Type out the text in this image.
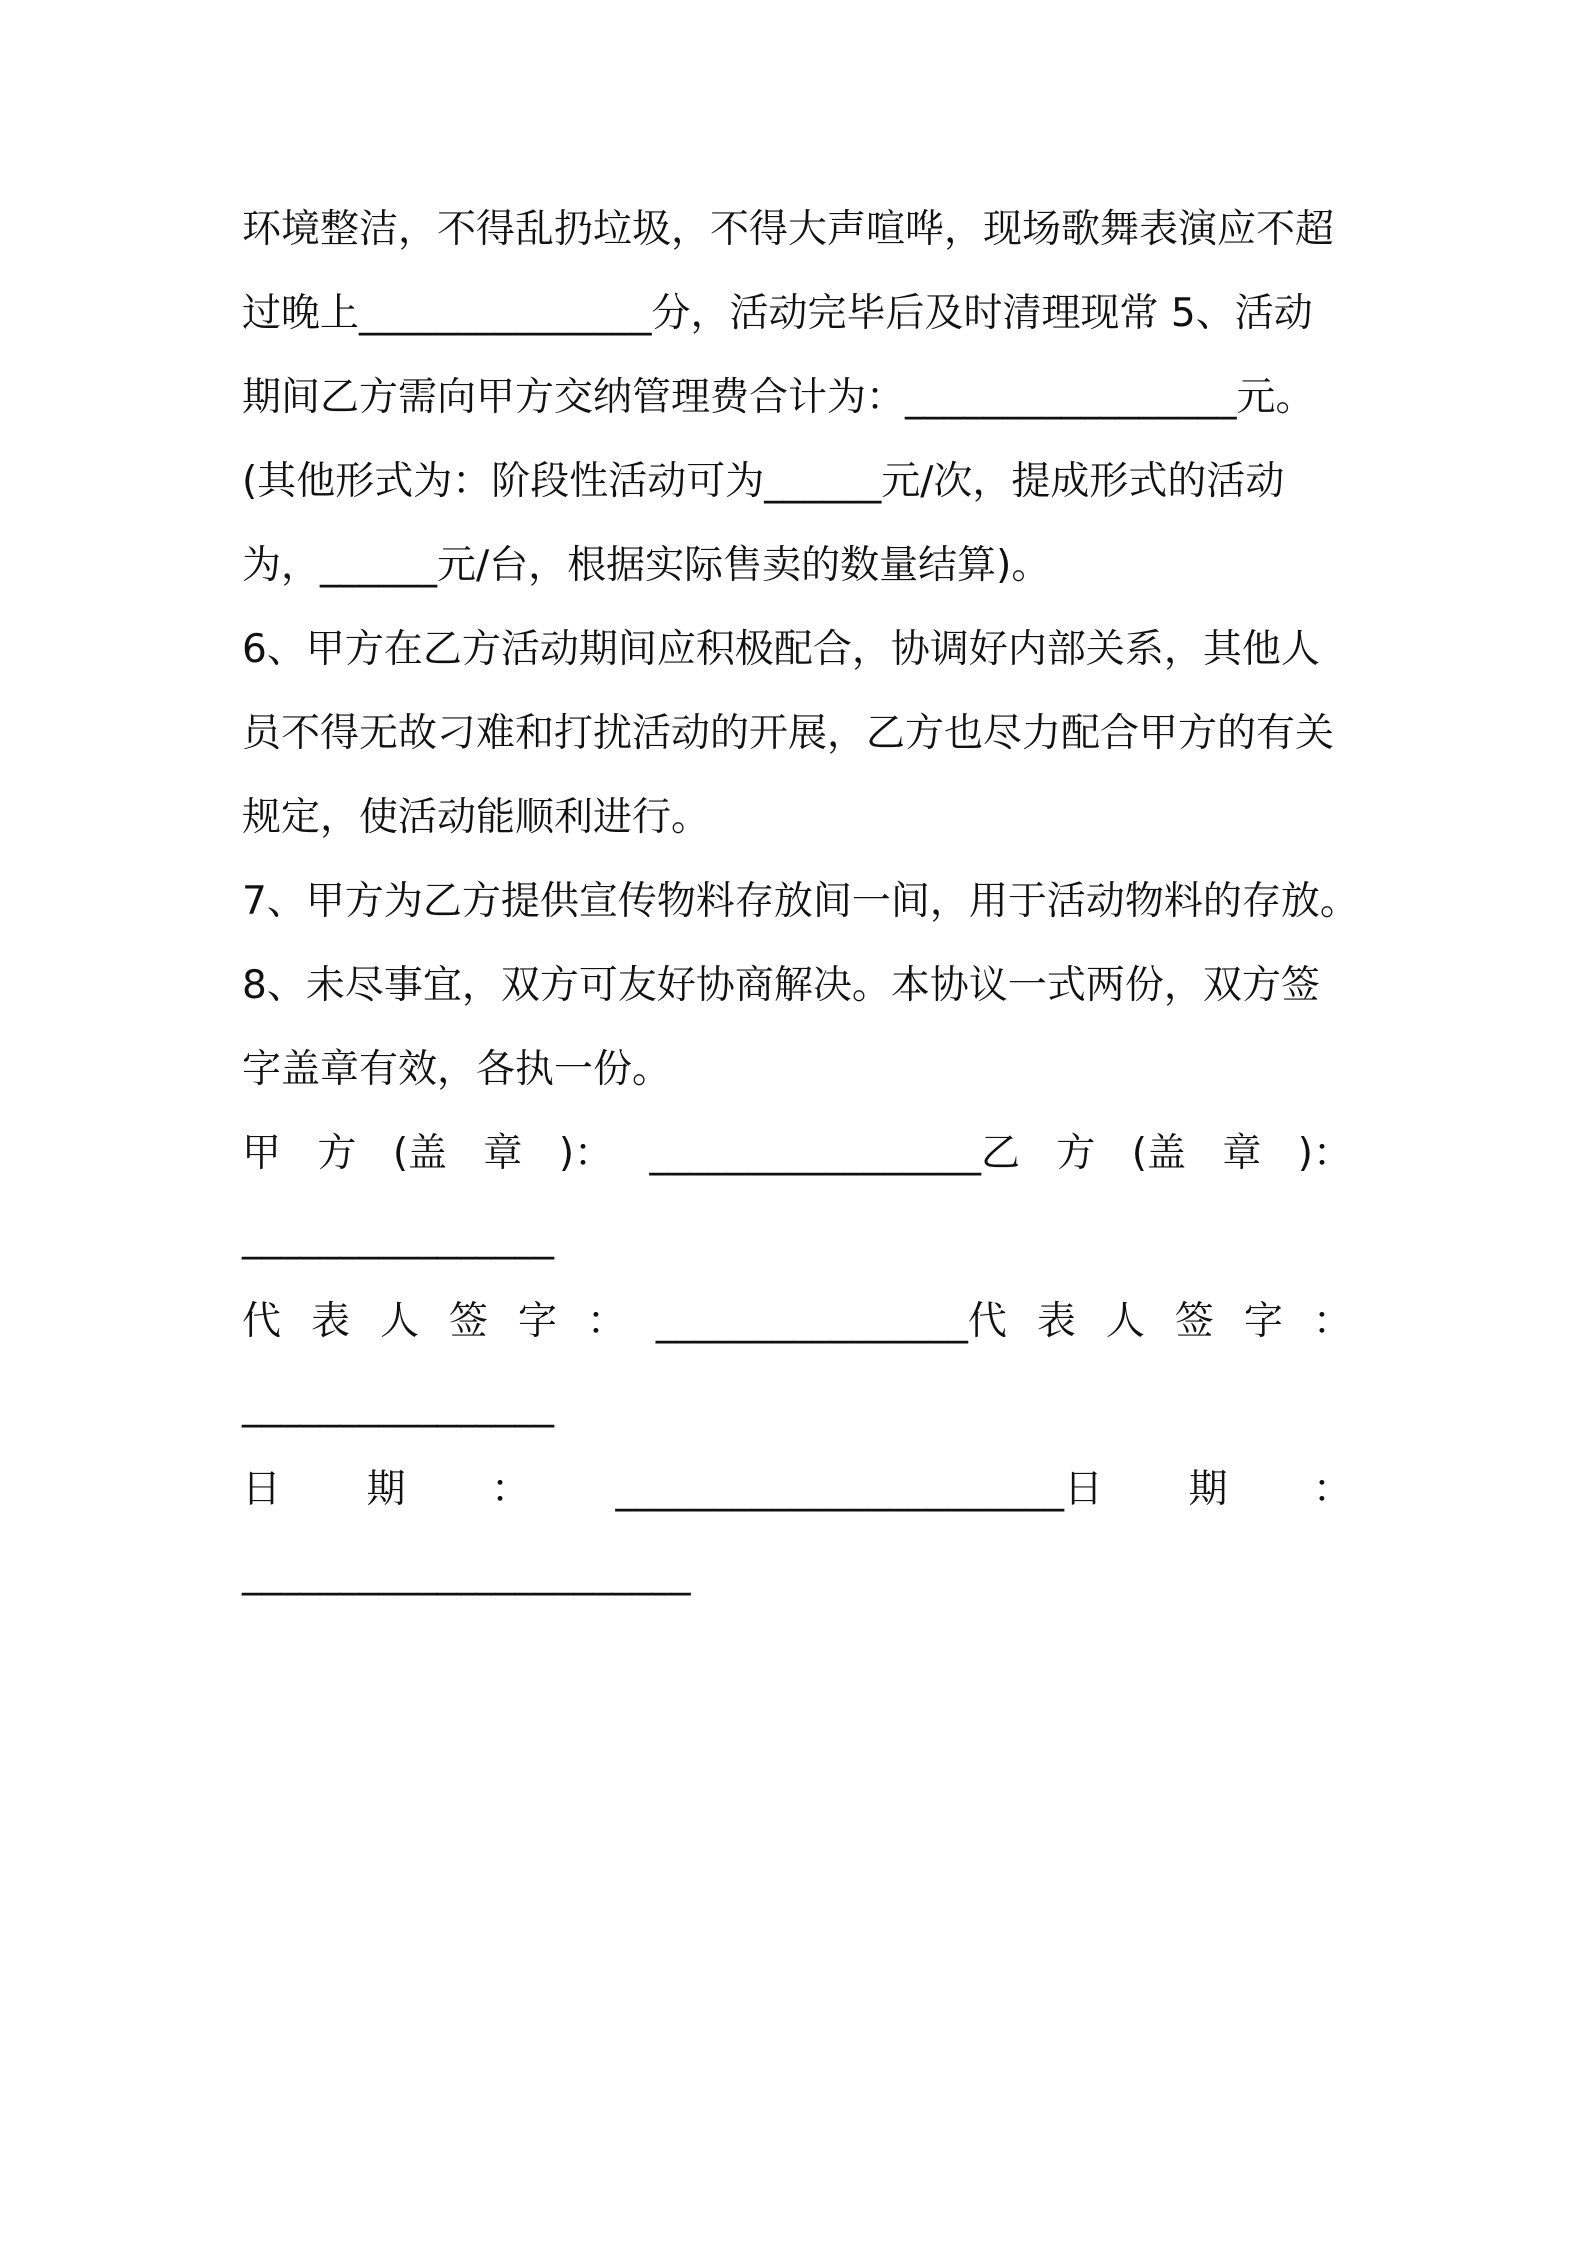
环境整洁，不得乱扔垃圾，不得大声喧哗，现场歌舞表演应不超
过晚上_______________分，活动完毕后及时清理现常 5、活动
期间乙方需向甲方交纳管理费合计为：_________________元。
(其他形式为：阶段性活动可为______元/次，提成形式的活动
为，______元/台，根据实际售卖的数量结算)。
6、甲方在乙方活动期间应积极配合，协调好内部关系，其他人
员不得无故刁难和打扰活动的开展，乙方也尽力配合甲方的有关
规定，使活动能顺利进行。
7、甲方为乙方提供宣传物料存放间一间，用于活动物料的存放。
8、未尽事宜，双方可友好协商解决。本协议一式两份，双方签
字盖章有效，各执一份。
甲 方 (盖 章 )： _________________乙 方 (盖 章 )：
________________
代 表 人 签 字 ： ________________代 表 人 签 字 ：
________________
日 期 ： _______________________日 期 ：
_______________________
